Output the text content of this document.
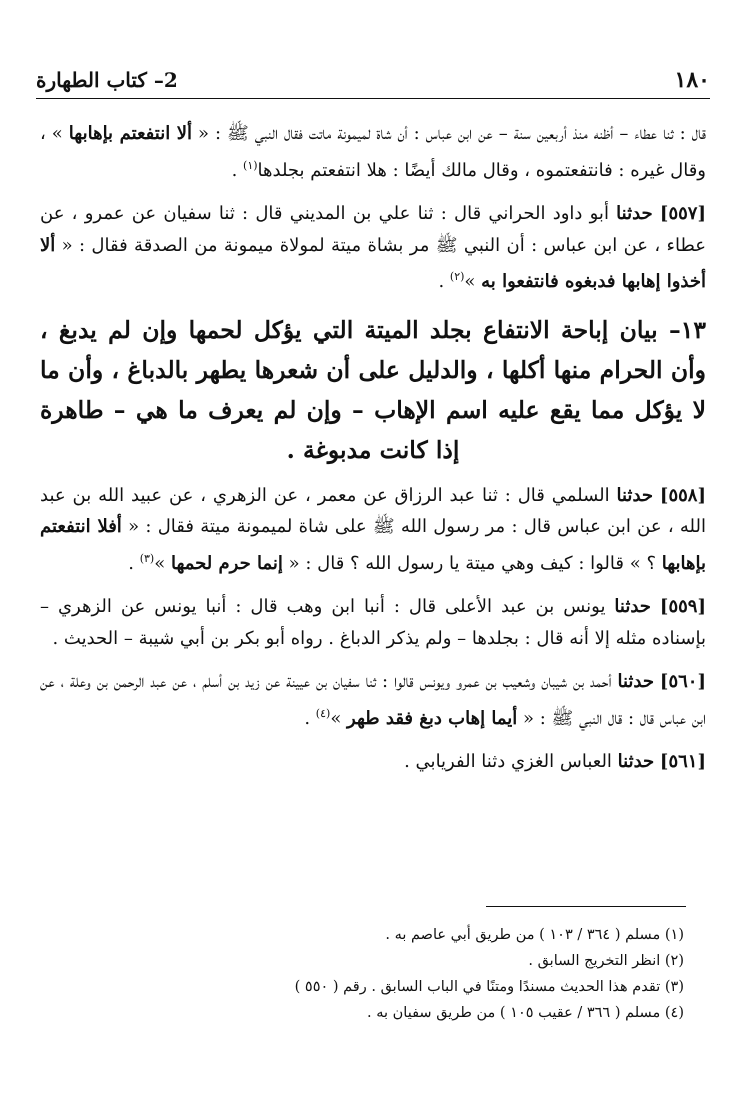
١٨٠
2– كتاب الطهارة

قال : ثنا عطاء – أظنه منذ أربعين سنة – عن ابن عباس : أن شاة لميمونة ماتت فقال النبي ﷺ : « ألا انتفعتم بإهابها » ، وقال غيره : فانتفعتموه ، وقال مالك أيضًا : هلا انتفعتم بجلدها$^{(١)}$ .

[٥٥٧] حدثنا أبو داود الحراني قال : ثنا علي بن المديني قال : ثنا سفيان عن عمرو ، عن عطاء ، عن ابن عباس : أن النبي ﷺ مر بشاة ميتة لمولاة ميمونة من الصدقة فقال : « ألا أخذوا إهابها فدبغوه فانتفعوا به »$^{(٢)}$ .

١٣– بيان إباحة الانتفاع بجلد الميتة التي يؤكل لحمها وإن لم يدبغ ، وأن الحرام منها أكلها ، والدليل على أن شعرها يطهر بالدباغ ، وأن ما لا يؤكل مما يقع عليه اسم الإهاب – وإن لم يعرف ما هي – طاهرة إذا كانت مدبوغة .

[٥٥٨] حدثنا السلمي قال : ثنا عبد الرزاق عن معمر ، عن الزهري ، عن عبيد الله بن عبد الله ، عن ابن عباس قال : مر رسول الله ﷺ على شاة لميمونة ميتة فقال : « أفلا انتفعتم بإهابها ؟ » قالوا : كيف وهي ميتة يا رسول الله ؟ قال : « إنما حرم لحمها »$^{(٣)}$ .

[٥٥٩] حدثنا يونس بن عبد الأعلى قال : أنبا ابن وهب قال : أنبا يونس عن الزهري – بإسناده مثله إلا أنه قال : بجلدها – ولم يذكر الدباغ . رواه أبو بكر بن أبي شيبة – الحديث .

[٥٦٠] حدثنا أحمد بن شيبان وشعيب بن عمرو ويونس قالوا : ثنا سفيان بن عيينة عن زيد بن أسلم ، عن عبد الرحمن بن وعلة ، عن ابن عباس قال : قال النبي ﷺ : « أيما إهاب دبغ فقد طهر »$^{(٤)}$ .

[٥٦١] حدثنا العباس الغزي دثنا الفريابي .

(١) مسلم ( ٣٦٤ / ١٠٣ ) من طريق أبي عاصم به .

(٢) انظر التخريج السابق .

(٣) تقدم هذا الحديث مسندًا ومتنًا في الباب السابق . رقم ( ٥٥٠ )

(٤) مسلم ( ٣٦٦ / عقيب ١٠٥ ) من طريق سفيان به .
